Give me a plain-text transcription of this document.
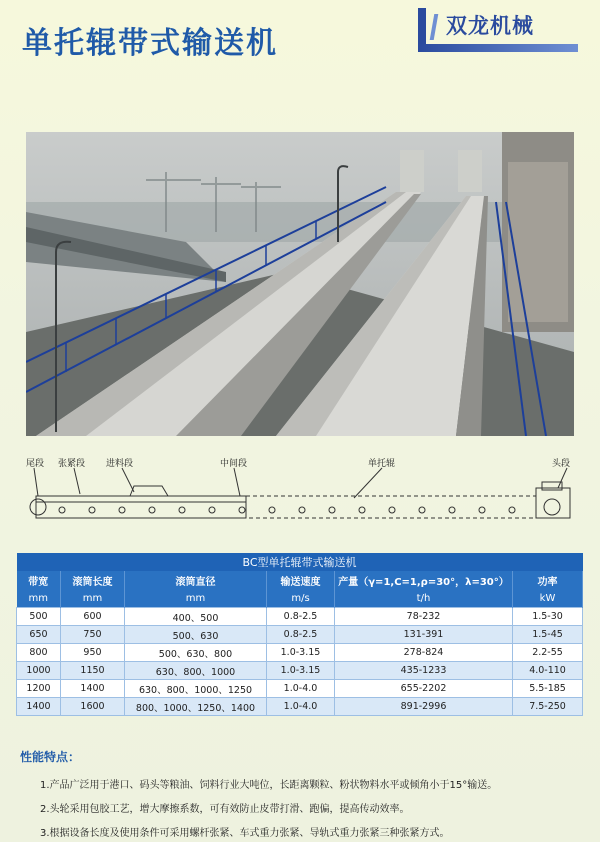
单托辊带式输送机	双龙机械
尾段 张紧段 进料段	中间段	单托辊	头段
BC型单托辊带式输送机					
带宽	滚筒长度	滚筒直径	输送速度	产量（γ=1,C=1,ρ=30°，λ=30°）	功率
mm	mm	mm	m/s	t/h	kW
500	600	400、500	0.8-2.5	78-232	1.5-30
650	750	500、630	0.8-2.5	131-391	1.5-45
800	950	500、630、800	1.0-3.15	278-824	2.2-55
1000	1150	630、800、1000	1.0-3.15	435-1233	4.0-110
1200	1400	630、800、1000、1250	1.0-4.0	655-2202	5.5-185
1400	1600	800、1000、1250、1400	1.0-4.0	891-2996	7.5-250
性能特点：
1.产品广泛用于港口、码头等粮油、饲料行业大吨位，长距离颗粒、粉状物料水平或倾角小于15°输送。
2.头轮采用包胶工艺，增大摩擦系数，可有效防止皮带打滑、跑偏，提高传动效率。
3.根据设备长度及使用条件可采用螺杆张紧、车式重力张紧、导轨式重力张紧三种张紧方式。
